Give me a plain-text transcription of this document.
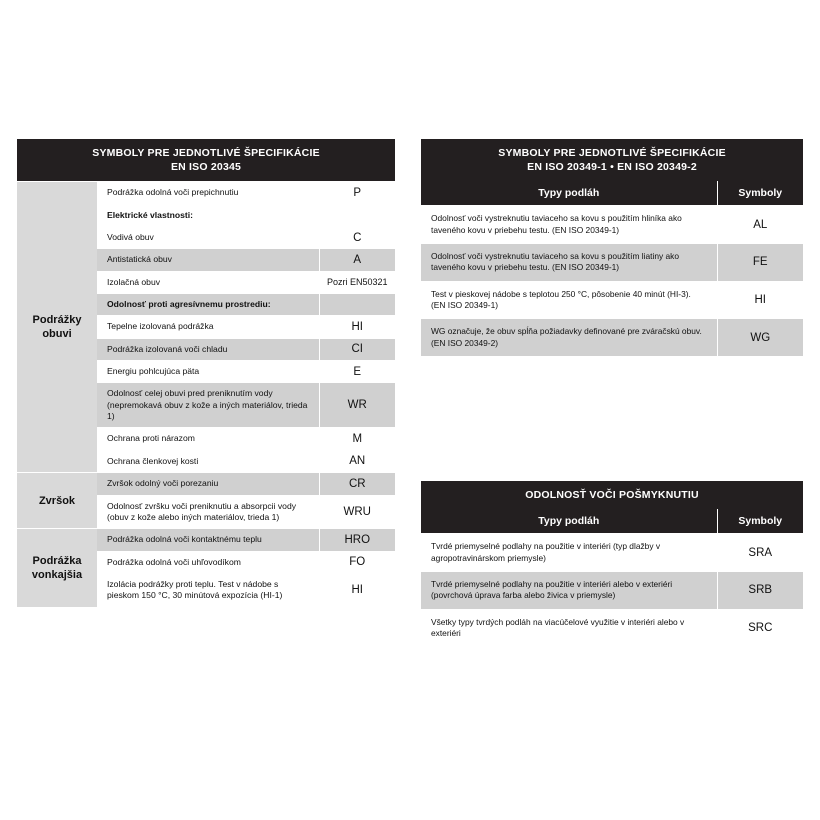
SYMBOLY PRE JEDNOTLIVÉ ŠPECIFIKÁCIE
EN ISO 20345		

Podrážky
obuvi	Podrážka odolná voči prepichnutiu	P
	Elektrické vlastnosti:	
	Vodivá obuv	C
	Antistatická obuv	A
	Izolačná obuv	Pozri EN50321
	Odolnosť proti agresívnemu prostrediu:	
	Tepelne izolovaná podrážka	HI
	Podrážka izolovaná voči chladu	CI
	Energiu pohlcujúca päta	E
	Odolnosť celej obuvi pred preniknutím vody (nepremokavá obuv z kože a iných materiálov, trieda 1)	WR
	Ochrana proti nárazom	M
	Ochrana členkovej kosti	AN

Zvršok	Zvršok odolný voči porezaniu	CR
	Odolnosť zvršku voči preniknutiu a absorpcii vody (obuv z kože alebo iných materiálov, trieda 1)	WRU

Podrážka
vonkajšia	Podrážka odolná voči kontaktnému teplu	HRO
	Podrážka odolná voči uhľovodíkom	FO
	Izolácia podrážky proti teplu. Test v nádobe s pieskom 150 °C, 30 minútová expozícia (HI-1)	HI
SYMBOLY PRE JEDNOTLIVÉ ŠPECIFIKÁCIE
EN ISO 20349-1 • EN ISO 20349-2	

Typy podláh	Symboly
Odolnosť voči vystreknutiu taviaceho sa kovu s použitím hliníka ako taveného kovu v priebehu testu. (EN ISO 20349-1)	AL
Odolnosť voči vystreknutiu taviaceho sa kovu s použitím liatiny ako taveného kovu v priebehu testu. (EN ISO 20349-1)	FE
Test v pieskovej nádobe s teplotou 250 °C, pôsobenie 40 minút (HI-3). (EN ISO 20349-1)	HI
WG označuje, že obuv spĺňa požiadavky definované pre zváračskú obuv. (EN ISO 20349-2)	WG
ODOLNOSŤ VOČI POŠMYKNUTIU	
Typy podláh	Symboly
Tvrdé priemyselné podlahy na použitie v interiéri (typ dlažby v agropotravinárskom priemysle)	SRA
Tvrdé priemyselné podlahy na použitie v interiéri alebo v exteriéri (povrchová úprava farba alebo živica v priemysle)	SRB
Všetky typy tvrdých podláh na viacúčelové využitie v interiéri alebo v exteriéri	SRC
